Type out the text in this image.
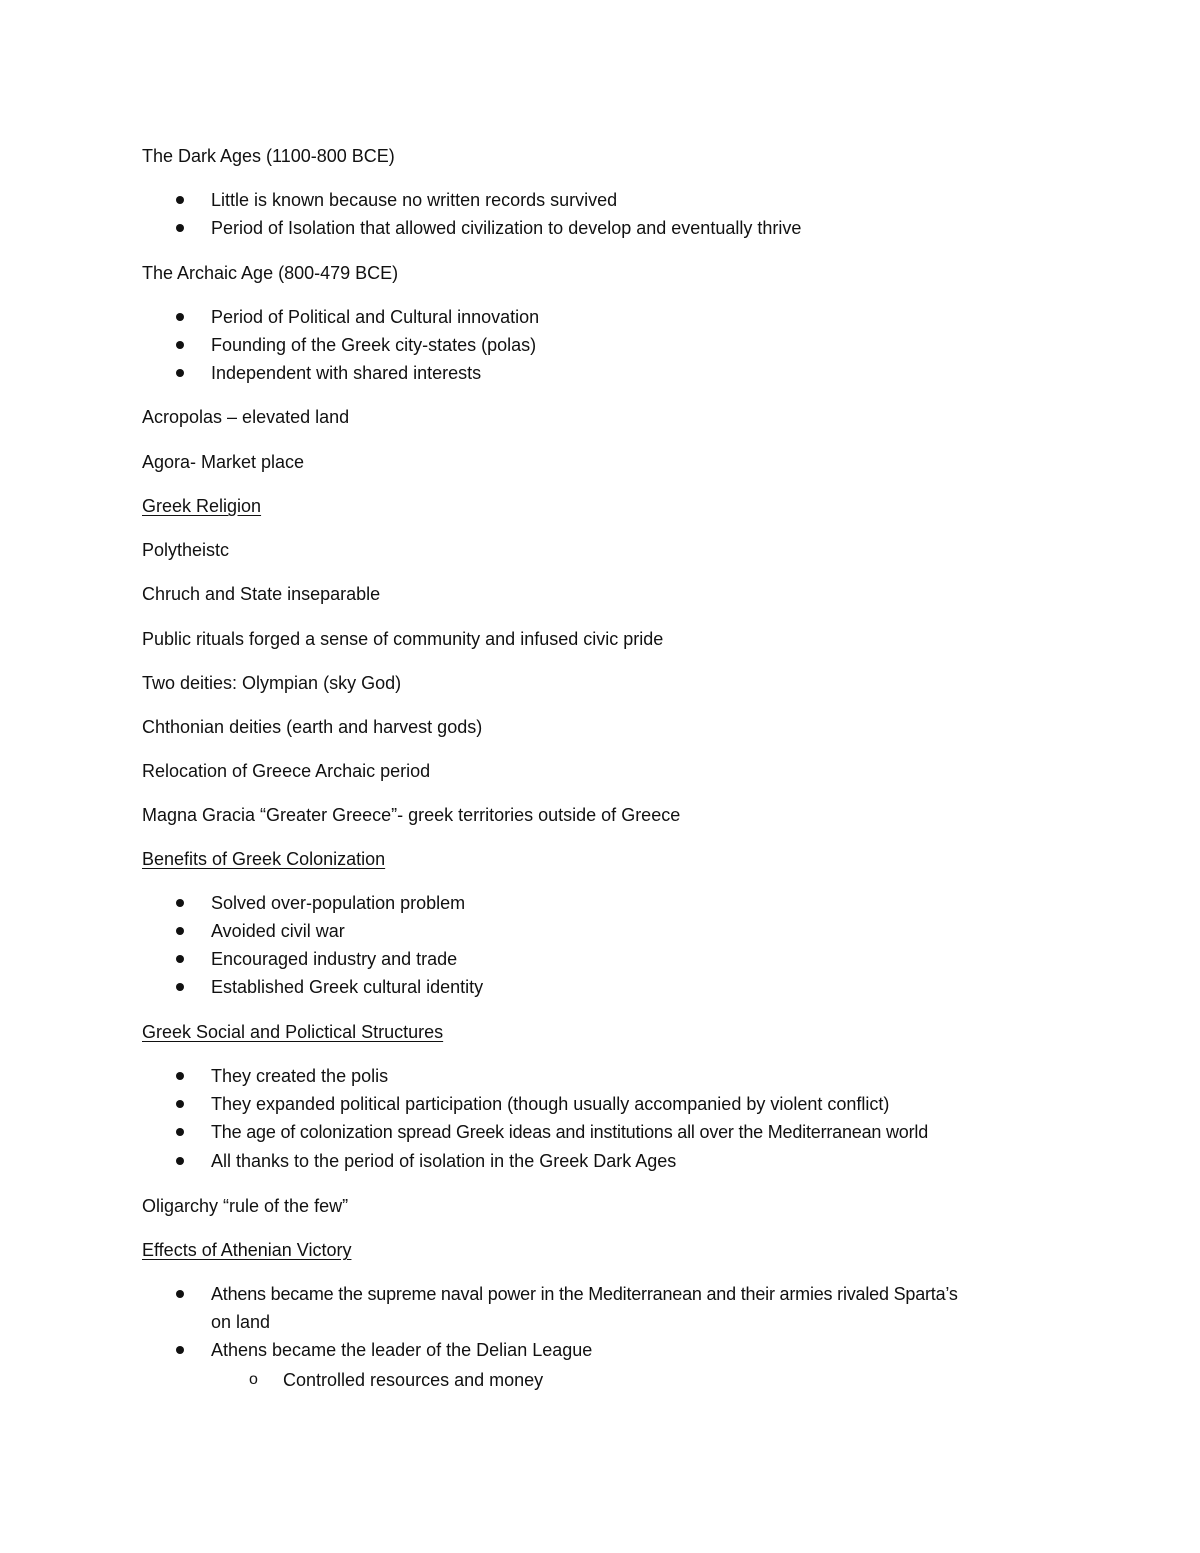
The Dark Ages (1100-800 BCE)
Little is known because no written records survived
Period of Isolation that allowed civilization to develop and eventually thrive
The Archaic Age (800-479 BCE)
Period of Political and Cultural innovation
Founding of the Greek city-states (polas)
Independent with shared interests
Acropolas – elevated land
Agora- Market place
Greek Religion
Polytheistc
Chruch and State inseparable
Public rituals forged a sense of community and infused civic pride
Two deities: Olympian (sky God)
Chthonian deities (earth and harvest gods)
Relocation of Greece Archaic period
Magna Gracia “Greater Greece”- greek territories outside of Greece
Benefits of Greek Colonization
Solved over-population problem
Avoided civil war
Encouraged industry and trade
Established Greek cultural identity
Greek Social and Polictical Structures
They created the polis
They expanded political participation (though usually accompanied by violent conflict)
The age of colonization spread Greek ideas and institutions all over the Mediterranean world
All thanks to the period of isolation in the Greek Dark Ages
Oligarchy “rule of the few”
Effects of Athenian Victory
Athens became the supreme naval power in the Mediterranean and their armies rivaled Sparta’s
on land
Athens became the leader of the Delian League
o Controlled resources and money
